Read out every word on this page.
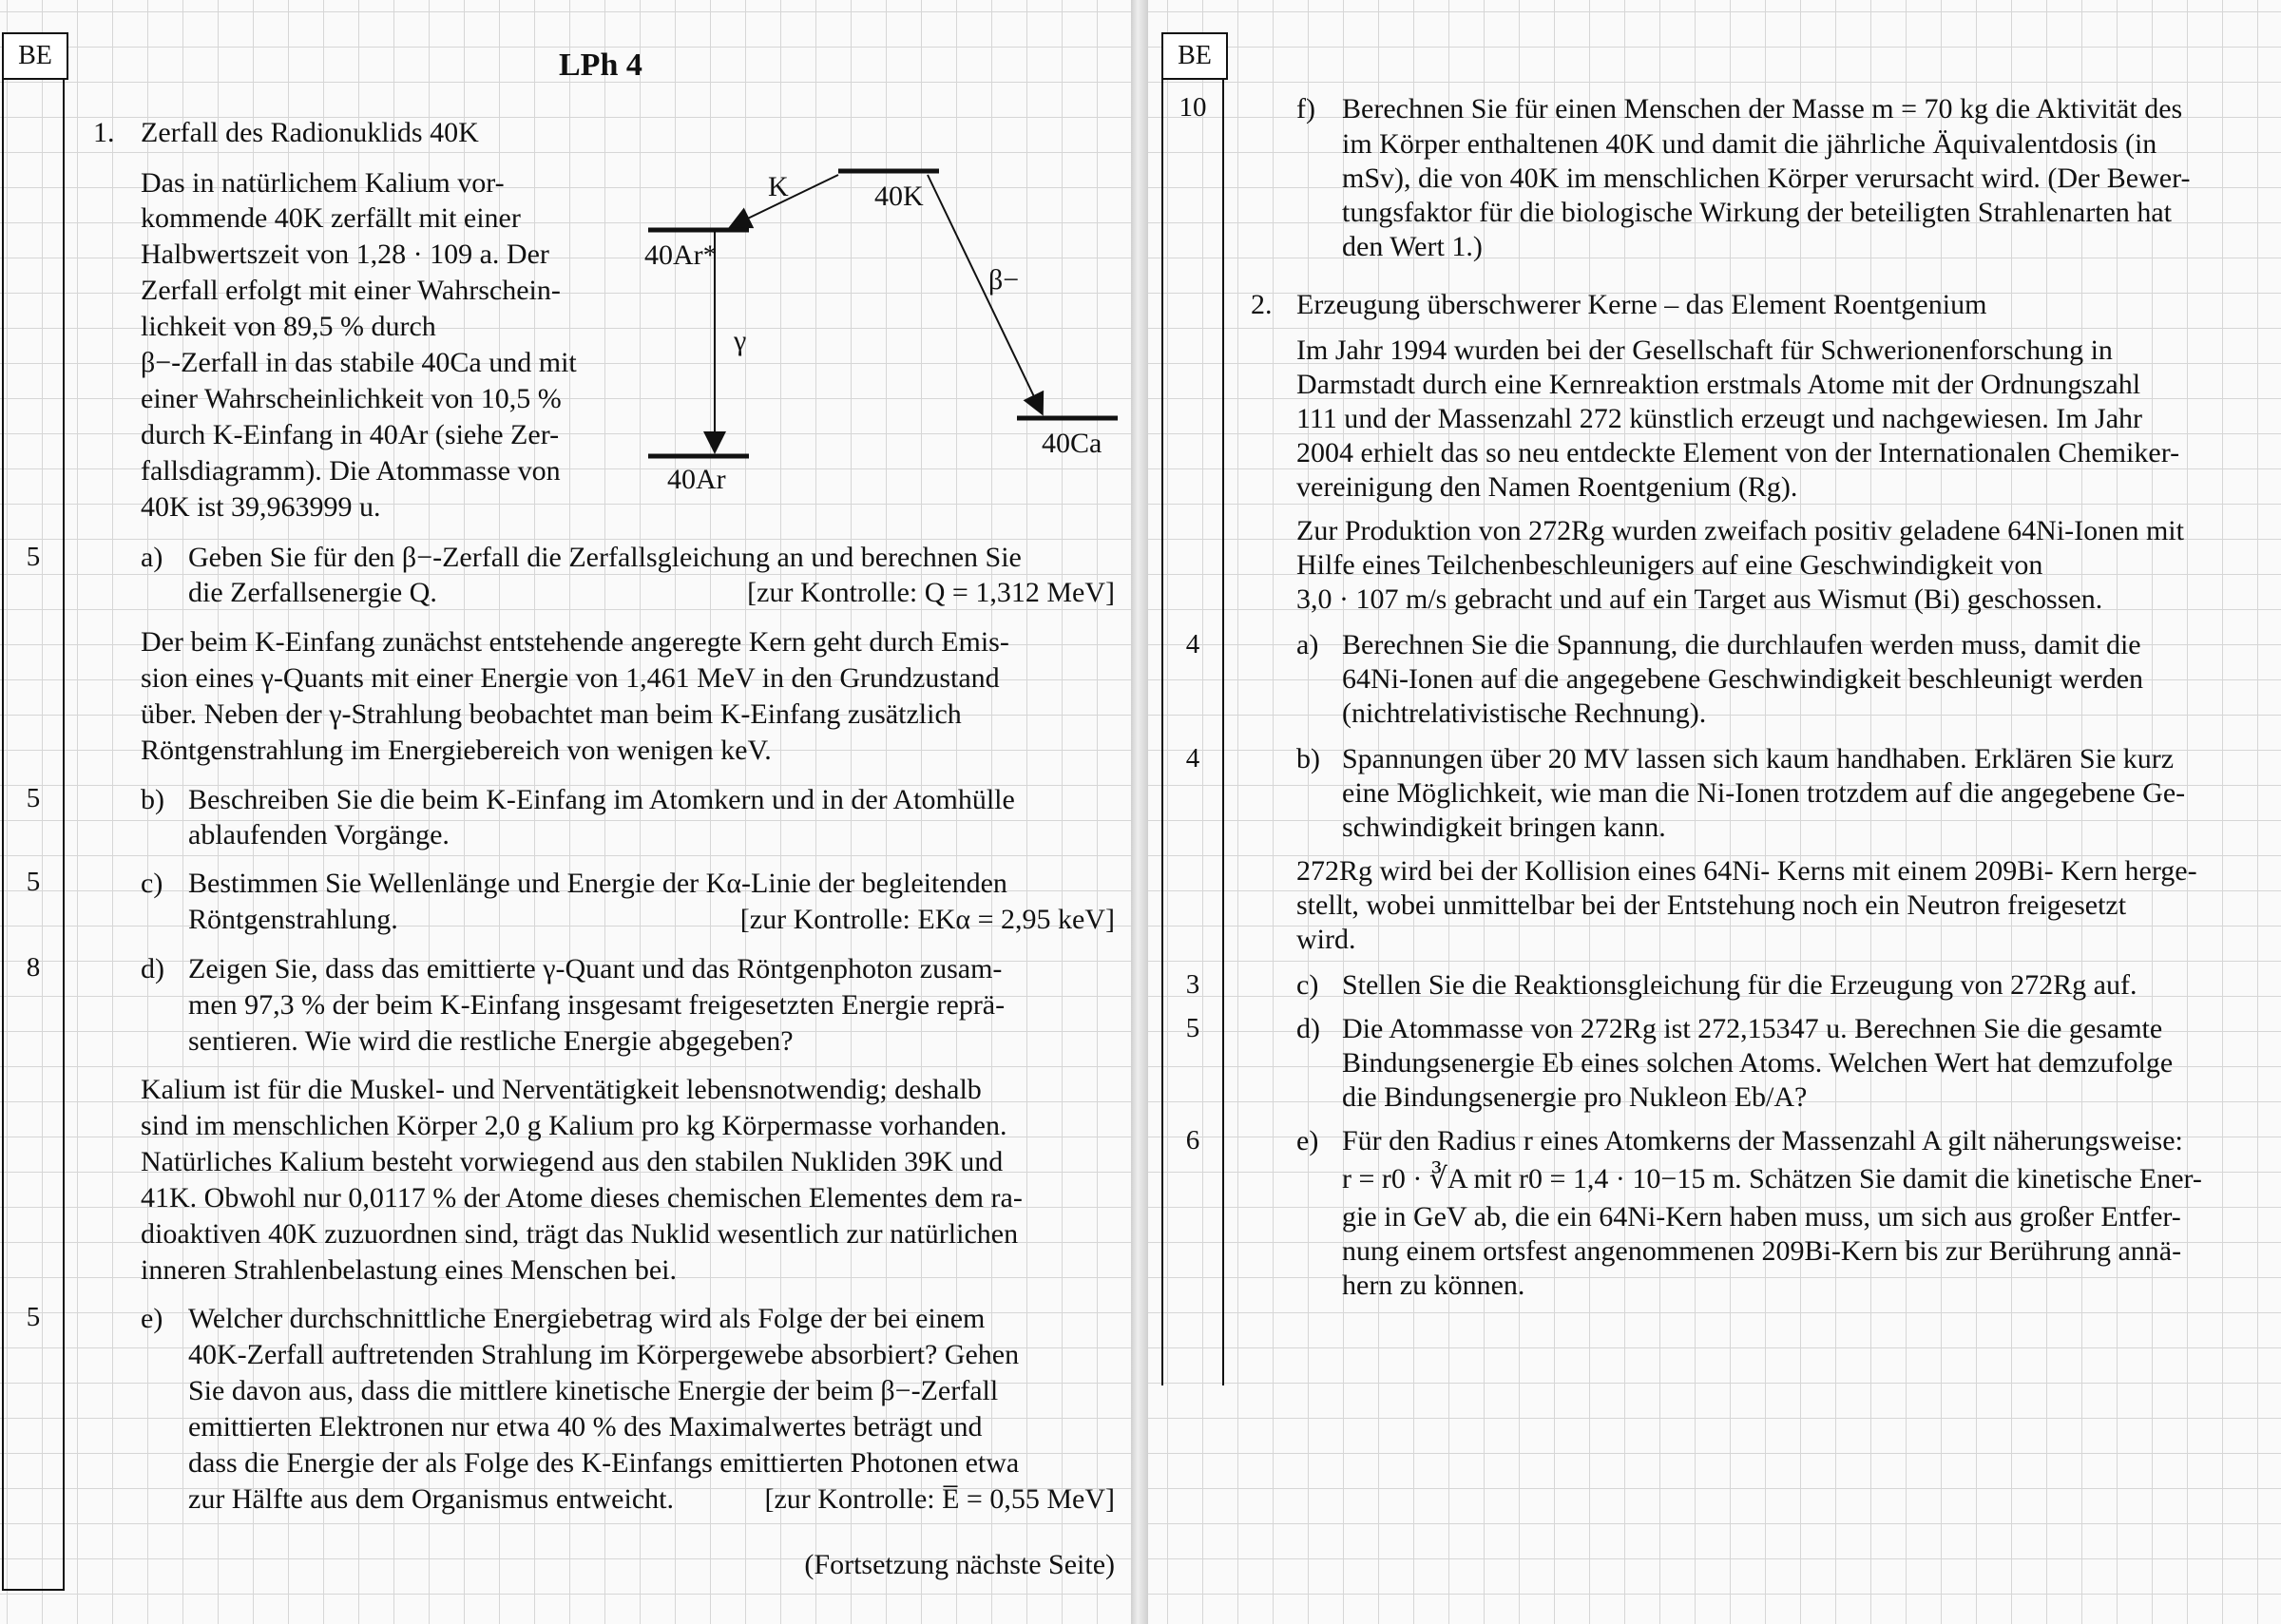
BE	LPh 4
1. Zerfall des Radionuklids 40K
Das in natürlichem Kalium vor-
kommende 40K zerfällt mit einer
Halbwertszeit von 1,28 · 109 a. Der
Zerfall erfolgt mit einer Wahrschein-
lichkeit von 89,5 % durch
β−-Zerfall in das stabile 40Ca und mit
einer Wahrscheinlichkeit von 10,5 %
durch K-Einfang in 40Ar (siehe Zer-
fallsdiagramm). Die Atommasse von
40K ist 39,963999 u.
K	40K
40Ar*
γ
β−
40Ca
40Ar
5	a) Geben Sie für den β−-Zerfall die Zerfallsgleichung an und berechnen Sie
die Zerfallsenergie Q.	[zur Kontrolle: Q = 1,312 MeV]
Der beim K-Einfang zunächst entstehende angeregte Kern geht durch Emis-
sion eines γ-Quants mit einer Energie von 1,461 MeV in den Grundzustand
über. Neben der γ-Strahlung beobachtet man beim K-Einfang zusätzlich
Röntgenstrahlung im Energiebereich von wenigen keV.
5	b) Beschreiben Sie die beim K-Einfang im Atomkern und in der Atomhülle
ablaufenden Vorgänge.
5	c) Bestimmen Sie Wellenlänge und Energie der Kα-Linie der begleitenden
Röntgenstrahlung.	[zur Kontrolle: EKα = 2,95 keV]
8	d) Zeigen Sie, dass das emittierte γ-Quant und das Röntgenphoton zusam-
men 97,3 % der beim K-Einfang insgesamt freigesetzten Energie reprä-
sentieren. Wie wird die restliche Energie abgegeben?
Kalium ist für die Muskel- und Nerventätigkeit lebensnotwendig; deshalb
sind im menschlichen Körper 2,0 g Kalium pro kg Körpermasse vorhanden.
Natürliches Kalium besteht vorwiegend aus den stabilen Nukliden 39K und
41K. Obwohl nur 0,0117 % der Atome dieses chemischen Elementes dem ra-
dioaktiven 40K zuzuordnen sind, trägt das Nuklid wesentlich zur natürlichen
inneren Strahlenbelastung eines Menschen bei.
5	e) Welcher durchschnittliche Energiebetrag wird als Folge der bei einem
40K-Zerfall auftretenden Strahlung im Körpergewebe absorbiert? Gehen
Sie davon aus, dass die mittlere kinetische Energie der beim β−-Zerfall
emittierten Elektronen nur etwa 40 % des Maximalwertes beträgt und
dass die Energie der als Folge des K-Einfangs emittierten Photonen etwa
zur Hälfte aus dem Organismus entweicht.	[zur Kontrolle: E̅ = 0,55 MeV]
(Fortsetzung nächste Seite)
BE
10	f) Berechnen Sie für einen Menschen der Masse m = 70 kg die Aktivität des
im Körper enthaltenen 40K und damit die jährliche Äquivalentdosis (in
mSv), die von 40K im menschlichen Körper verursacht wird. (Der Bewer-
tungsfaktor für die biologische Wirkung der beteiligten Strahlenarten hat
den Wert 1.)
2. Erzeugung überschwerer Kerne – das Element Roentgenium
Im Jahr 1994 wurden bei der Gesellschaft für Schwerionenforschung in
Darmstadt durch eine Kernreaktion erstmals Atome mit der Ordnungszahl
111 und der Massenzahl 272 künstlich erzeugt und nachgewiesen. Im Jahr
2004 erhielt das so neu entdeckte Element von der Internationalen Chemiker-
vereinigung den Namen Roentgenium (Rg).
Zur Produktion von 272Rg wurden zweifach positiv geladene 64Ni-Ionen mit
Hilfe eines Teilchenbeschleunigers auf eine Geschwindigkeit von
3,0 · 107 m/s gebracht und auf ein Target aus Wismut (Bi) geschossen.
4	a) Berechnen Sie die Spannung, die durchlaufen werden muss, damit die
64Ni-Ionen auf die angegebene Geschwindigkeit beschleunigt werden
(nichtrelativistische Rechnung).
4	b) Spannungen über 20 MV lassen sich kaum handhaben. Erklären Sie kurz
eine Möglichkeit, wie man die Ni-Ionen trotzdem auf die angegebene Ge-
schwindigkeit bringen kann.
272Rg wird bei der Kollision eines 64Ni- Kerns mit einem 209Bi- Kern herge-
stellt, wobei unmittelbar bei der Entstehung noch ein Neutron freigesetzt
wird.
3	c) Stellen Sie die Reaktionsgleichung für die Erzeugung von 272Rg auf.
5	d) Die Atommasse von 272Rg ist 272,15347 u. Berechnen Sie die gesamte
Bindungsenergie Eb eines solchen Atoms. Welchen Wert hat demzufolge
die Bindungsenergie pro Nukleon Eb/A?
6	e) Für den Radius r eines Atomkerns der Massenzahl A gilt näherungsweise:
r = r0 · ∛A mit r0 = 1,4 · 10−15 m. Schätzen Sie damit die kinetische Ener-
gie in GeV ab, die ein 64Ni-Kern haben muss, um sich aus großer Entfer-
nung einem ortsfest angenommenen 209Bi-Kern bis zur Berührung annä-
hern zu können.
